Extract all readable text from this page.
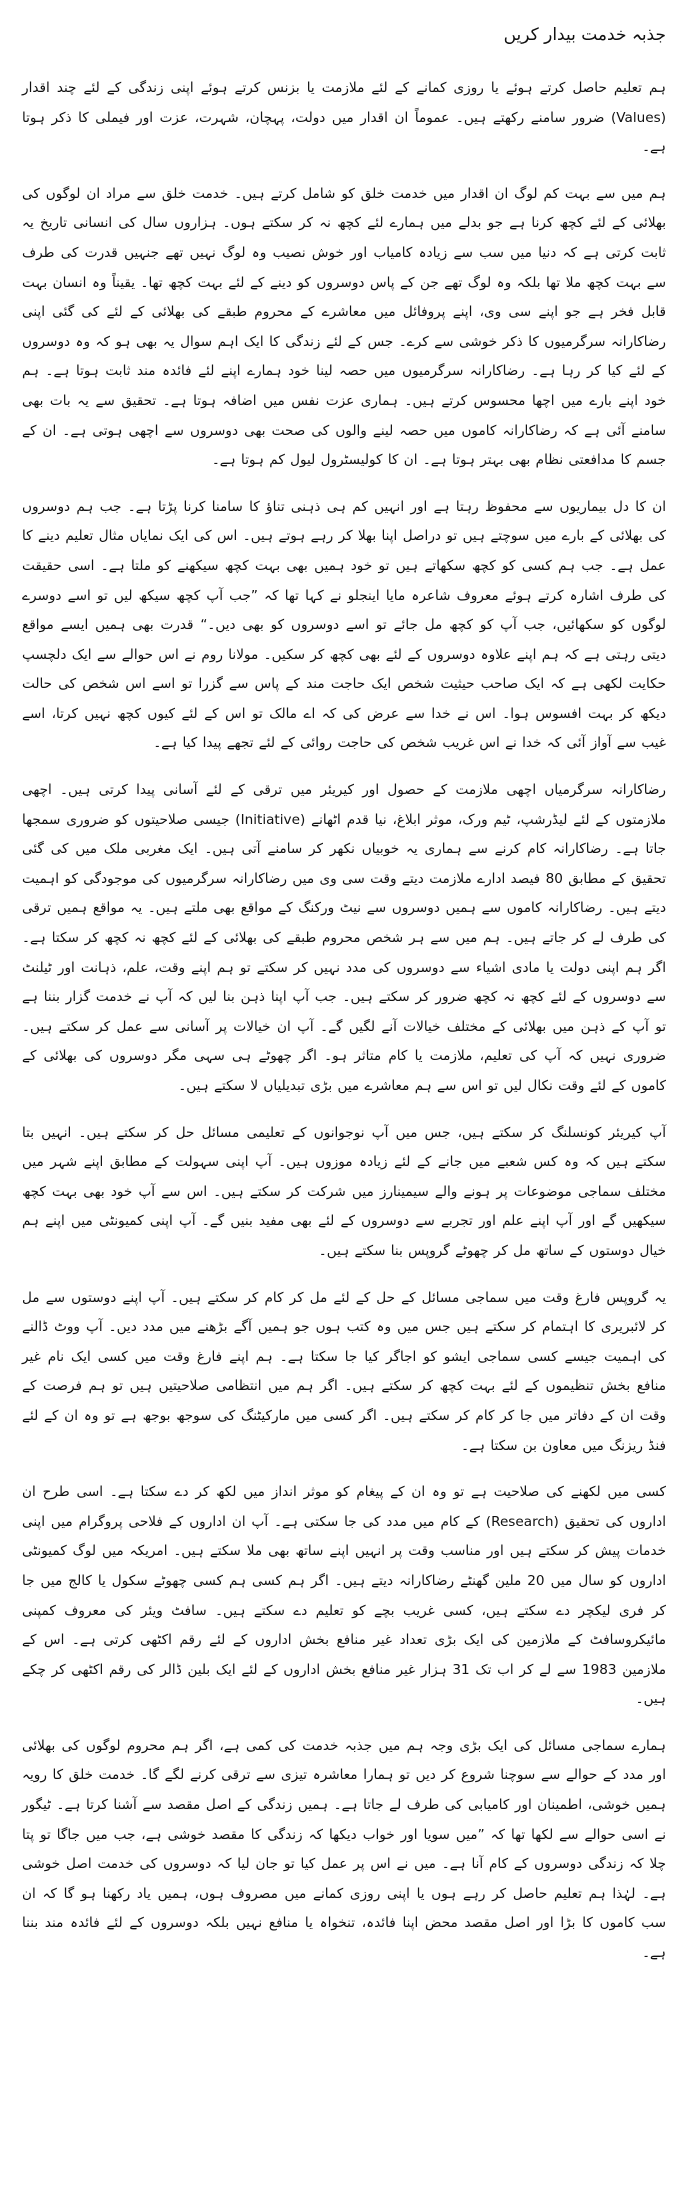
جذبہ خدمت بیدار کریں

ہم تعلیم حاصل کرتے ہوئے یا روزی کمانے کے لئے ملازمت یا بزنس کرتے ہوئے اپنی زندگی کے لئے چند اقدار (Values) ضرور سامنے رکھتے ہیں۔ عموماً ان اقدار میں دولت، پہچان، شہرت، عزت اور فیملی کا ذکر ہوتا ہے۔

ہم میں سے بہت کم لوگ ان اقدار میں خدمت خلق کو شامل کرتے ہیں۔ خدمت خلق سے مراد ان لوگوں کی بھلائی کے لئے کچھ کرنا ہے جو بدلے میں ہمارے لئے کچھ نہ کر سکتے ہوں۔ ہزاروں سال کی انسانی تاریخ یہ ثابت کرتی ہے کہ دنیا میں سب سے زیادہ کامیاب اور خوش نصیب وہ لوگ نہیں تھے جنہیں قدرت کی طرف سے بہت کچھ ملا تھا بلکہ وہ لوگ تھے جن کے پاس دوسروں کو دینے کے لئے بہت کچھ تھا۔ یقیناً وہ انسان بہت قابل فخر ہے جو اپنے سی وی، اپنے پروفائل میں معاشرے کے محروم طبقے کی بھلائی کے لئے کی گئی اپنی رضاکارانہ سرگرمیوں کا ذکر خوشی سے کرے۔ جس کے لئے زندگی کا ایک اہم سوال یہ بھی ہو کہ وہ دوسروں کے لئے کیا کر رہا ہے۔ رضاکارانہ سرگرمیوں میں حصہ لینا خود ہمارے اپنے لئے فائدہ مند ثابت ہوتا ہے۔ ہم خود اپنے بارے میں اچھا محسوس کرتے ہیں۔ ہماری عزت نفس میں اضافہ ہوتا ہے۔ تحقیق سے یہ بات بھی سامنے آئی ہے کہ رضاکارانہ کاموں میں حصہ لینے والوں کی صحت بھی دوسروں سے اچھی ہوتی ہے۔ ان کے جسم کا مدافعتی نظام بھی بہتر ہوتا ہے۔ ان کا کولیسٹرول لیول کم ہوتا ہے۔

ان کا دل بیماریوں سے محفوظ رہتا ہے اور انہیں کم ہی ذہنی تناؤ کا سامنا کرنا پڑتا ہے۔ جب ہم دوسروں کی بھلائی کے بارے میں سوچتے ہیں تو دراصل اپنا بھلا کر رہے ہوتے ہیں۔ اس کی ایک نمایاں مثال تعلیم دینے کا عمل ہے۔ جب ہم کسی کو کچھ سکھاتے ہیں تو خود ہمیں بھی بہت کچھ سیکھنے کو ملتا ہے۔ اسی حقیقت کی طرف اشارہ کرتے ہوئے معروف شاعرہ مایا اینجلو نے کہا تھا کہ ”جب آپ کچھ سیکھ لیں تو اسے دوسرے لوگوں کو سکھائیں، جب آپ کو کچھ مل جائے تو اسے دوسروں کو بھی دیں۔“ قدرت بھی ہمیں ایسے مواقع دیتی رہتی ہے کہ ہم اپنے علاوہ دوسروں کے لئے بھی کچھ کر سکیں۔ مولانا روم نے اس حوالے سے ایک دلچسپ حکایت لکھی ہے کہ ایک صاحب حیثیت شخص ایک حاجت مند کے پاس سے گزرا تو اسے اس شخص کی حالت دیکھ کر بہت افسوس ہوا۔ اس نے خدا سے عرض کی کہ اے مالک تو اس کے لئے کیوں کچھ نہیں کرتا، اسے غیب سے آواز آئی کہ خدا نے اس غریب شخص کی حاجت روائی کے لئے تجھے پیدا کیا ہے۔

رضاکارانہ سرگرمیاں اچھی ملازمت کے حصول اور کیریئر میں ترقی کے لئے آسانی پیدا کرتی ہیں۔ اچھی ملازمتوں کے لئے لیڈرشپ، ٹیم ورک، موثر ابلاغ، نیا قدم اٹھانے (Initiative) جیسی صلاحیتوں کو ضروری سمجھا جاتا ہے۔ رضاکارانہ کام کرنے سے ہماری یہ خوبیاں نکھر کر سامنے آتی ہیں۔ ایک مغربی ملک میں کی گئی تحقیق کے مطابق 80 فیصد ادارے ملازمت دیتے وقت سی وی میں رضاکارانہ سرگرمیوں کی موجودگی کو اہمیت دیتے ہیں۔ رضاکارانہ کاموں سے ہمیں دوسروں سے نیٹ ورکنگ کے مواقع بھی ملتے ہیں۔ یہ مواقع ہمیں ترقی کی طرف لے کر جاتے ہیں۔ ہم میں سے ہر شخص محروم طبقے کی بھلائی کے لئے کچھ نہ کچھ کر سکتا ہے۔ اگر ہم اپنی دولت یا مادی اشیاء سے دوسروں کی مدد نہیں کر سکتے تو ہم اپنے وقت، علم، ذہانت اور ٹیلنٹ سے دوسروں کے لئے کچھ نہ کچھ ضرور کر سکتے ہیں۔ جب آپ اپنا ذہن بنا لیں کہ آپ نے خدمت گزار بننا ہے تو آپ کے ذہن میں بھلائی کے مختلف خیالات آنے لگیں گے۔ آپ ان خیالات پر آسانی سے عمل کر سکتے ہیں۔ ضروری نہیں کہ آپ کی تعلیم، ملازمت یا کام متاثر ہو۔ اگر چھوٹے ہی سہی مگر دوسروں کی بھلائی کے کاموں کے لئے وقت نکال لیں تو اس سے ہم معاشرے میں بڑی تبدیلیاں لا سکتے ہیں۔

آپ کیریئر کونسلنگ کر سکتے ہیں، جس میں آپ نوجوانوں کے تعلیمی مسائل حل کر سکتے ہیں۔ انہیں بتا سکتے ہیں کہ وہ کس شعبے میں جانے کے لئے زیادہ موزوں ہیں۔ آپ اپنی سہولت کے مطابق اپنے شہر میں مختلف سماجی موضوعات پر ہونے والے سیمینارز میں شرکت کر سکتے ہیں۔ اس سے آپ خود بھی بہت کچھ سیکھیں گے اور آپ اپنے علم اور تجربے سے دوسروں کے لئے بھی مفید بنیں گے۔ آپ اپنی کمیونٹی میں اپنے ہم خیال دوستوں کے ساتھ مل کر چھوٹے گروپس بنا سکتے ہیں۔

یہ گروپس فارغ وقت میں سماجی مسائل کے حل کے لئے مل کر کام کر سکتے ہیں۔ آپ اپنے دوستوں سے مل کر لائبریری کا اہتمام کر سکتے ہیں جس میں وہ کتب ہوں جو ہمیں آگے بڑھنے میں مدد دیں۔ آپ ووٹ ڈالنے کی اہمیت جیسے کسی سماجی ایشو کو اجاگر کیا جا سکتا ہے۔ ہم اپنے فارغ وقت میں کسی ایک نام غیر منافع بخش تنظیموں کے لئے بہت کچھ کر سکتے ہیں۔ اگر ہم میں انتظامی صلاحیتیں ہیں تو ہم فرصت کے وقت ان کے دفاتر میں جا کر کام کر سکتے ہیں۔ اگر کسی میں مارکیٹنگ کی سوجھ بوجھ ہے تو وہ ان کے لئے فنڈ ریزنگ میں معاون بن سکتا ہے۔

کسی میں لکھنے کی صلاحیت ہے تو وہ ان کے پیغام کو موثر انداز میں لکھ کر دے سکتا ہے۔ اسی طرح ان اداروں کی تحقیق (Research) کے کام میں مدد کی جا سکتی ہے۔ آپ ان اداروں کے فلاحی پروگرام میں اپنی خدمات پیش کر سکتے ہیں اور مناسب وقت پر انہیں اپنے ساتھ بھی ملا سکتے ہیں۔ امریکہ میں لوگ کمیونٹی اداروں کو سال میں 20 ملین گھنٹے رضاکارانہ دیتے ہیں۔ اگر ہم کسی ہم کسی چھوٹے سکول یا کالج میں جا کر فری لیکچر دے سکتے ہیں، کسی غریب بچے کو تعلیم دے سکتے ہیں۔ سافٹ ویئر کی معروف کمپنی مائیکروسافٹ کے ملازمین کی ایک بڑی تعداد غیر منافع بخش اداروں کے لئے رقم اکٹھی کرتی ہے۔ اس کے ملازمین 1983 سے لے کر اب تک 31 ہزار غیر منافع بخش اداروں کے لئے ایک بلین ڈالر کی رقم اکٹھی کر چکے ہیں۔

ہمارے سماجی مسائل کی ایک بڑی وجہ ہم میں جذبہ خدمت کی کمی ہے، اگر ہم محروم لوگوں کی بھلائی اور مدد کے حوالے سے سوچنا شروع کر دیں تو ہمارا معاشرہ تیزی سے ترقی کرنے لگے گا۔ خدمت خلق کا رویہ ہمیں خوشی، اطمینان اور کامیابی کی طرف لے جاتا ہے۔ ہمیں زندگی کے اصل مقصد سے آشنا کرتا ہے۔ ٹیگور نے اسی حوالے سے لکھا تھا کہ ”میں سویا اور خواب دیکھا کہ زندگی کا مقصد خوشی ہے، جب میں جاگا تو پتا چلا کہ زندگی دوسروں کے کام آنا ہے۔ میں نے اس پر عمل کیا تو جان لیا کہ دوسروں کی خدمت اصل خوشی ہے۔ لہٰذا ہم تعلیم حاصل کر رہے ہوں یا اپنی روزی کمانے میں مصروف ہوں، ہمیں یاد رکھنا ہو گا کہ ان سب کاموں کا بڑا اور اصل مقصد محض اپنا فائدہ، تنخواہ یا منافع نہیں بلکہ دوسروں کے لئے فائدہ مند بننا ہے۔
